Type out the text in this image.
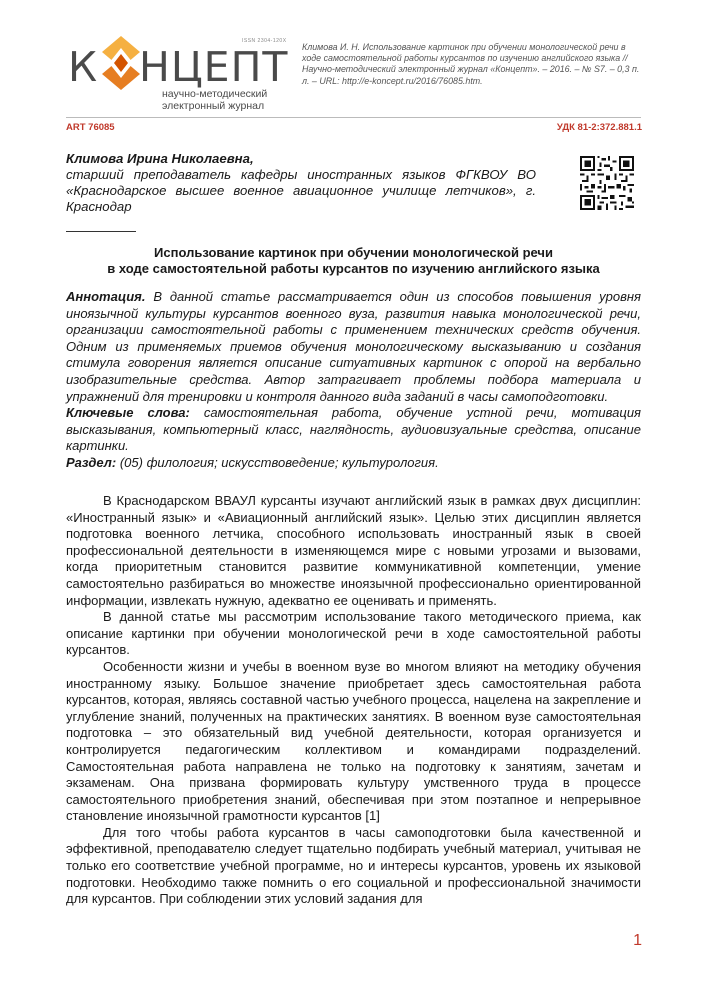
К НЦЕПТ
ISSN 2304-120X
научно-методический
электронный журнал
Климова И. Н. Использование картинок при обучении монологической речи в ходе самостоятельной работы курсантов по изучению английского языка // Научно-методический электронный журнал «Концепт». – 2016. – № S7. – 0,3 п. л. – URL: http://e-koncept.ru/2016/76085.htm.
ART 76085	УДК 81-2:372.881.1
Климова Ирина Николаевна,
старший преподаватель кафедры иностранных языков ФГКВОУ ВО «Краснодарское высшее военное авиационное училище летчиков», г. Краснодар
Использование картинок при обучении монологической речи
в ходе самостоятельной работы курсантов по изучению английского языка

Аннотация. В данной статье рассматривается один из способов повышения уровня иноязычной культуры курсантов военного вуза, развития навыка монологической речи, организации самостоятельной работы с применением технических средств обучения. Одним из применяемых приемов обучения монологическому высказыванию и создания стимула говорения является описание ситуативных картинок с опорой на вербально изобразительные средства. Автор затрагивает проблемы подбора материала и упражнений для тренировки и контроля данного вида заданий в часы самоподготовки.

Ключевые слова: самостоятельная работа, обучение устной речи, мотивация высказывания, компьютерный класс, наглядность, аудиовизуальные средства, описание картинки.

Раздел: (05) филология; искусствоведение; культурология.

В Краснодарском ВВАУЛ курсанты изучают английский язык в рамках двух дисциплин: «Иностранный язык» и «Авиационный английский язык». Целью этих дисциплин является подготовка военного летчика, способного использовать иностранный язык в своей профессиональной деятельности в изменяющемся мире с новыми угрозами и вызовами, когда приоритетным становится развитие коммуникативной компетенции, умение самостоятельно разбираться во множестве иноязычной профессионально ориентированной информации, извлекать нужную, адекватно ее оценивать и применять.

В данной статье мы рассмотрим использование такого методического приема, как описание картинки при обучении монологической речи в ходе самостоятельной работы курсантов.

Особенности жизни и учебы в военном вузе во многом влияют на методику обучения иностранному языку. Большое значение приобретает здесь самостоятельная работа курсантов, которая, являясь составной частью учебного процесса, нацелена на закрепление и углубление знаний, полученных на практических занятиях. В военном вузе самостоятельная подготовка – это обязательный вид учебной деятельности, которая организуется и контролируется педагогическим коллективом и командирами подразделений. Самостоятельная работа направлена не только на подготовку к занятиям, зачетам и экзаменам. Она призвана формировать культуру умственного труда в процессе самостоятельного приобретения знаний, обеспечивая при этом поэтапное и непрерывное становление иноязычной грамотности курсантов [1]

Для того чтобы работа курсантов в часы самоподготовки была качественной и эффективной, преподавателю следует тщательно подбирать учебный материал, учитывая не только его соответствие учебной программе, но и интересы курсантов, уровень их языковой подготовки. Необходимо также помнить о его социальной и профессиональной значимости для курсантов. При соблюдении этих условий задания для

1
